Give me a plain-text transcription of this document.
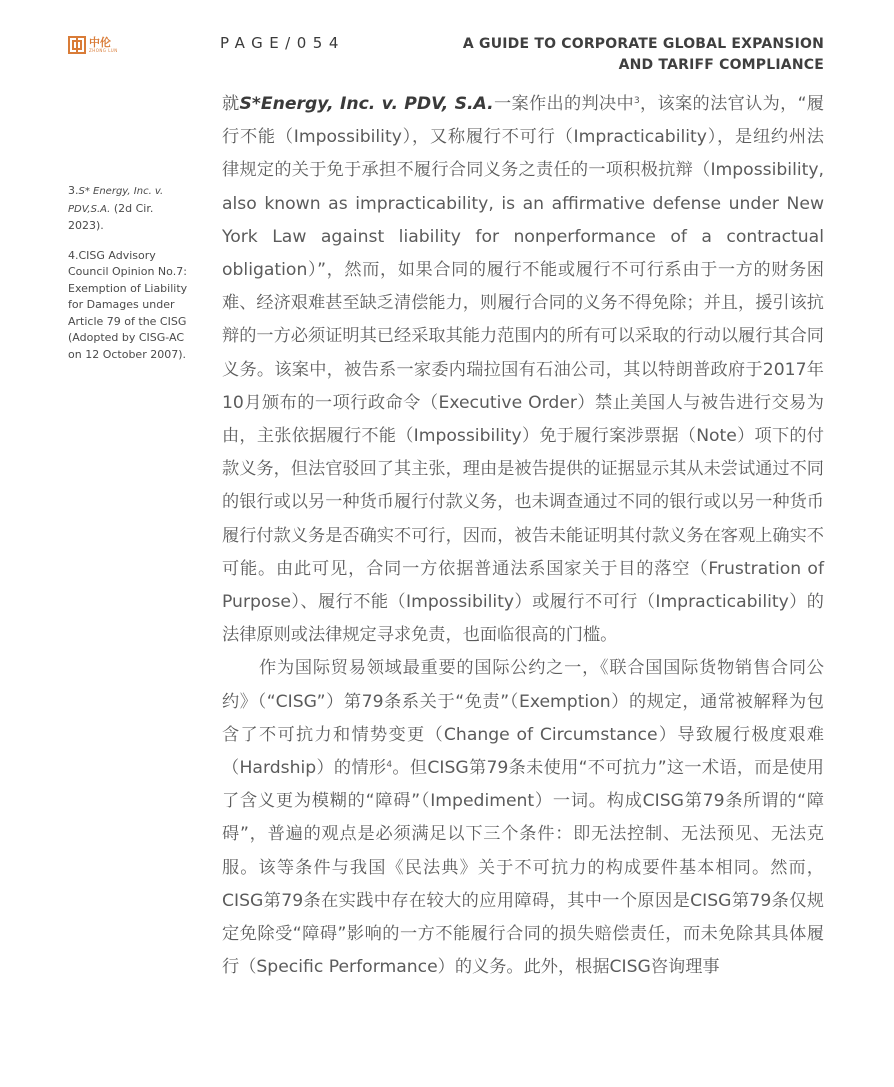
中伦
ZHONG LUN	PAGE/054	A GUIDE TO CORPORATE GLOBAL EXPANSION
AND TARIFF COMPLIANCE
3.S* Energy, Inc. v. PDV,S.A. (2d Cir. 2023).
4.CISG Advisory Council Opinion No.7: Exemption of Liability for Damages under Article 79 of the CISG (Adopted by CISG-AC on 12 October 2007).

就S*Energy, Inc. v. PDV, S.A.一案作出的判决中$^3$，该案的法官认为，“履行不能（Impossibility），又称履行不可行（Impracticability），是纽约州法律规定的关于免于承担不履行合同义务之责任的一项积极抗辩（Impossibility, also known as impracticability, is an affirmative defense under New York Law against liability for nonperformance of a contractual obligation）”，然而，如果合同的履行不能或履行不可行系由于一方的财务困难、经济艰难甚至缺乏清偿能力，则履行合同的义务不得免除；并且，援引该抗辩的一方必须证明其已经采取其能力范围内的所有可以采取的行动以履行其合同义务。该案中，被告系一家委内瑞拉国有石油公司，其以特朗普政府于2017年10月颁布的一项行政命令（Executive Order）禁止美国人与被告进行交易为由，主张依据履行不能（Impossibility）免于履行案涉票据（Note）项下的付款义务，但法官驳回了其主张，理由是被告提供的证据显示其从未尝试通过不同的银行或以另一种货币履行付款义务，也未调查通过不同的银行或以另一种货币履行付款义务是否确实不可行，因而，被告未能证明其付款义务在客观上确实不可能。由此可见，合同一方依据普通法系国家关于目的落空（Frustration of Purpose）、履行不能（Impossibility）或履行不可行（Impracticability）的法律原则或法律规定寻求免责，也面临很高的门槛。

作为国际贸易领域最重要的国际公约之一，《联合国国际货物销售合同公约》（“CISG”）第79条系关于“免责”（Exemption）的规定，通常被解释为包含了不可抗力和情势变更（Change of Circumstance）导致履行极度艰难（Hardship）的情形$^4$。但CISG第79条未使用“不可抗力”这一术语，而是使用了含义更为模糊的“障碍”（Impediment）一词。构成CISG第79条所谓的“障碍”，普遍的观点是必须满足以下三个条件：即无法控制、无法预见、无法克服。该等条件与我国《民法典》关于不可抗力的构成要件基本相同。然而，CISG第79条在实践中存在较大的应用障碍，其中一个原因是CISG第79条仅规定免除受“障碍”影响的一方不能履行合同的损失赔偿责任，而未免除其具体履行（Specific Performance）的义务。此外，根据CISG咨询理事
